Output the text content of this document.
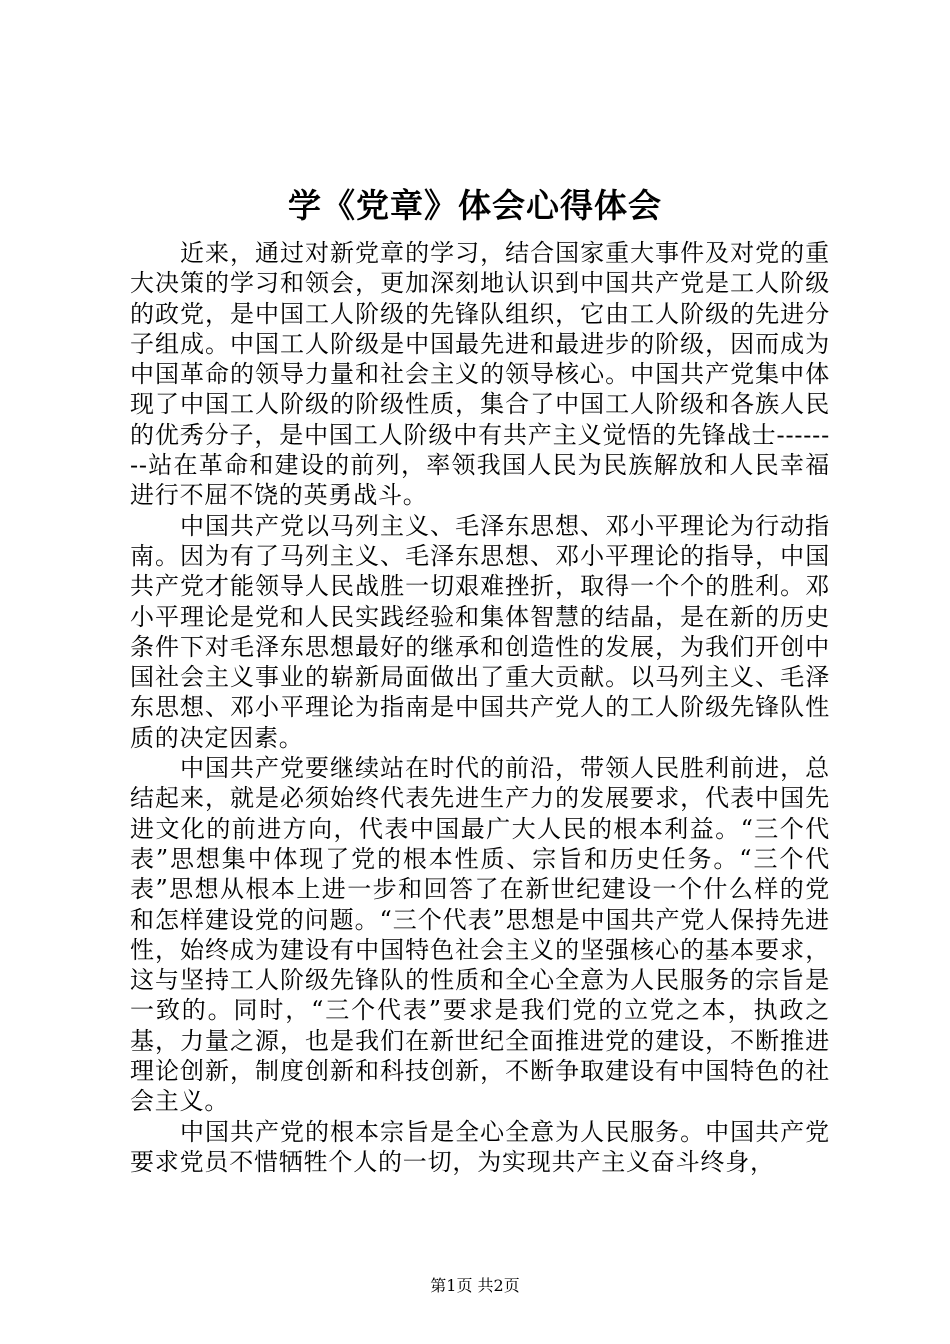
学《党章》体会心得体会

近来，通过对新党章的学习，结合国家重大事件及对党的重大决策的学习和领会，更加深刻地认识到中国共产党是工人阶级的政党，是中国工人阶级的先锋队组织，它由工人阶级的先进分子组成。中国工人阶级是中国最先进和最进步的阶级，因而成为中国革命的领导力量和社会主义的领导核心。中国共产党集中体现了中国工人阶级的阶级性质，集合了中国工人阶级和各族人民的优秀分子，是中国工人阶级中有共产主义觉悟的先锋战士--------站在革命和建设的前列，率领我国人民为民族解放和人民幸福进行不屈不饶的英勇战斗。

中国共产党以马列主义、毛泽东思想、邓小平理论为行动指南。因为有了马列主义、毛泽东思想、邓小平理论的指导，中国共产党才能领导人民战胜一切艰难挫折，取得一个个的胜利。邓小平理论是党和人民实践经验和集体智慧的结晶，是在新的历史条件下对毛泽东思想最好的继承和创造性的发展，为我们开创中国社会主义事业的崭新局面做出了重大贡献。以马列主义、毛泽东思想、邓小平理论为指南是中国共产党人的工人阶级先锋队性质的决定因素。

中国共产党要继续站在时代的前沿，带领人民胜利前进，总结起来，就是必须始终代表先进生产力的发展要求，代表中国先进文化的前进方向，代表中国最广大人民的根本利益。“三个代表”思想集中体现了党的根本性质、宗旨和历史任务。“三个代表”思想从根本上进一步和回答了在新世纪建设一个什么样的党和怎样建设党的问题。“三个代表”思想是中国共产党人保持先进性，始终成为建设有中国特色社会主义的坚强核心的基本要求，这与坚持工人阶级先锋队的性质和全心全意为人民服务的宗旨是一致的。同时，“三个代表”要求是我们党的立党之本，执政之基，力量之源，也是我们在新世纪全面推进党的建设，不断推进理论创新，制度创新和科技创新，不断争取建设有中国特色的社会主义。

中国共产党的根本宗旨是全心全意为人民服务。中国共产党要求党员不惜牺牲个人的一切，为实现共产主义奋斗终身，

第1页 共2页
